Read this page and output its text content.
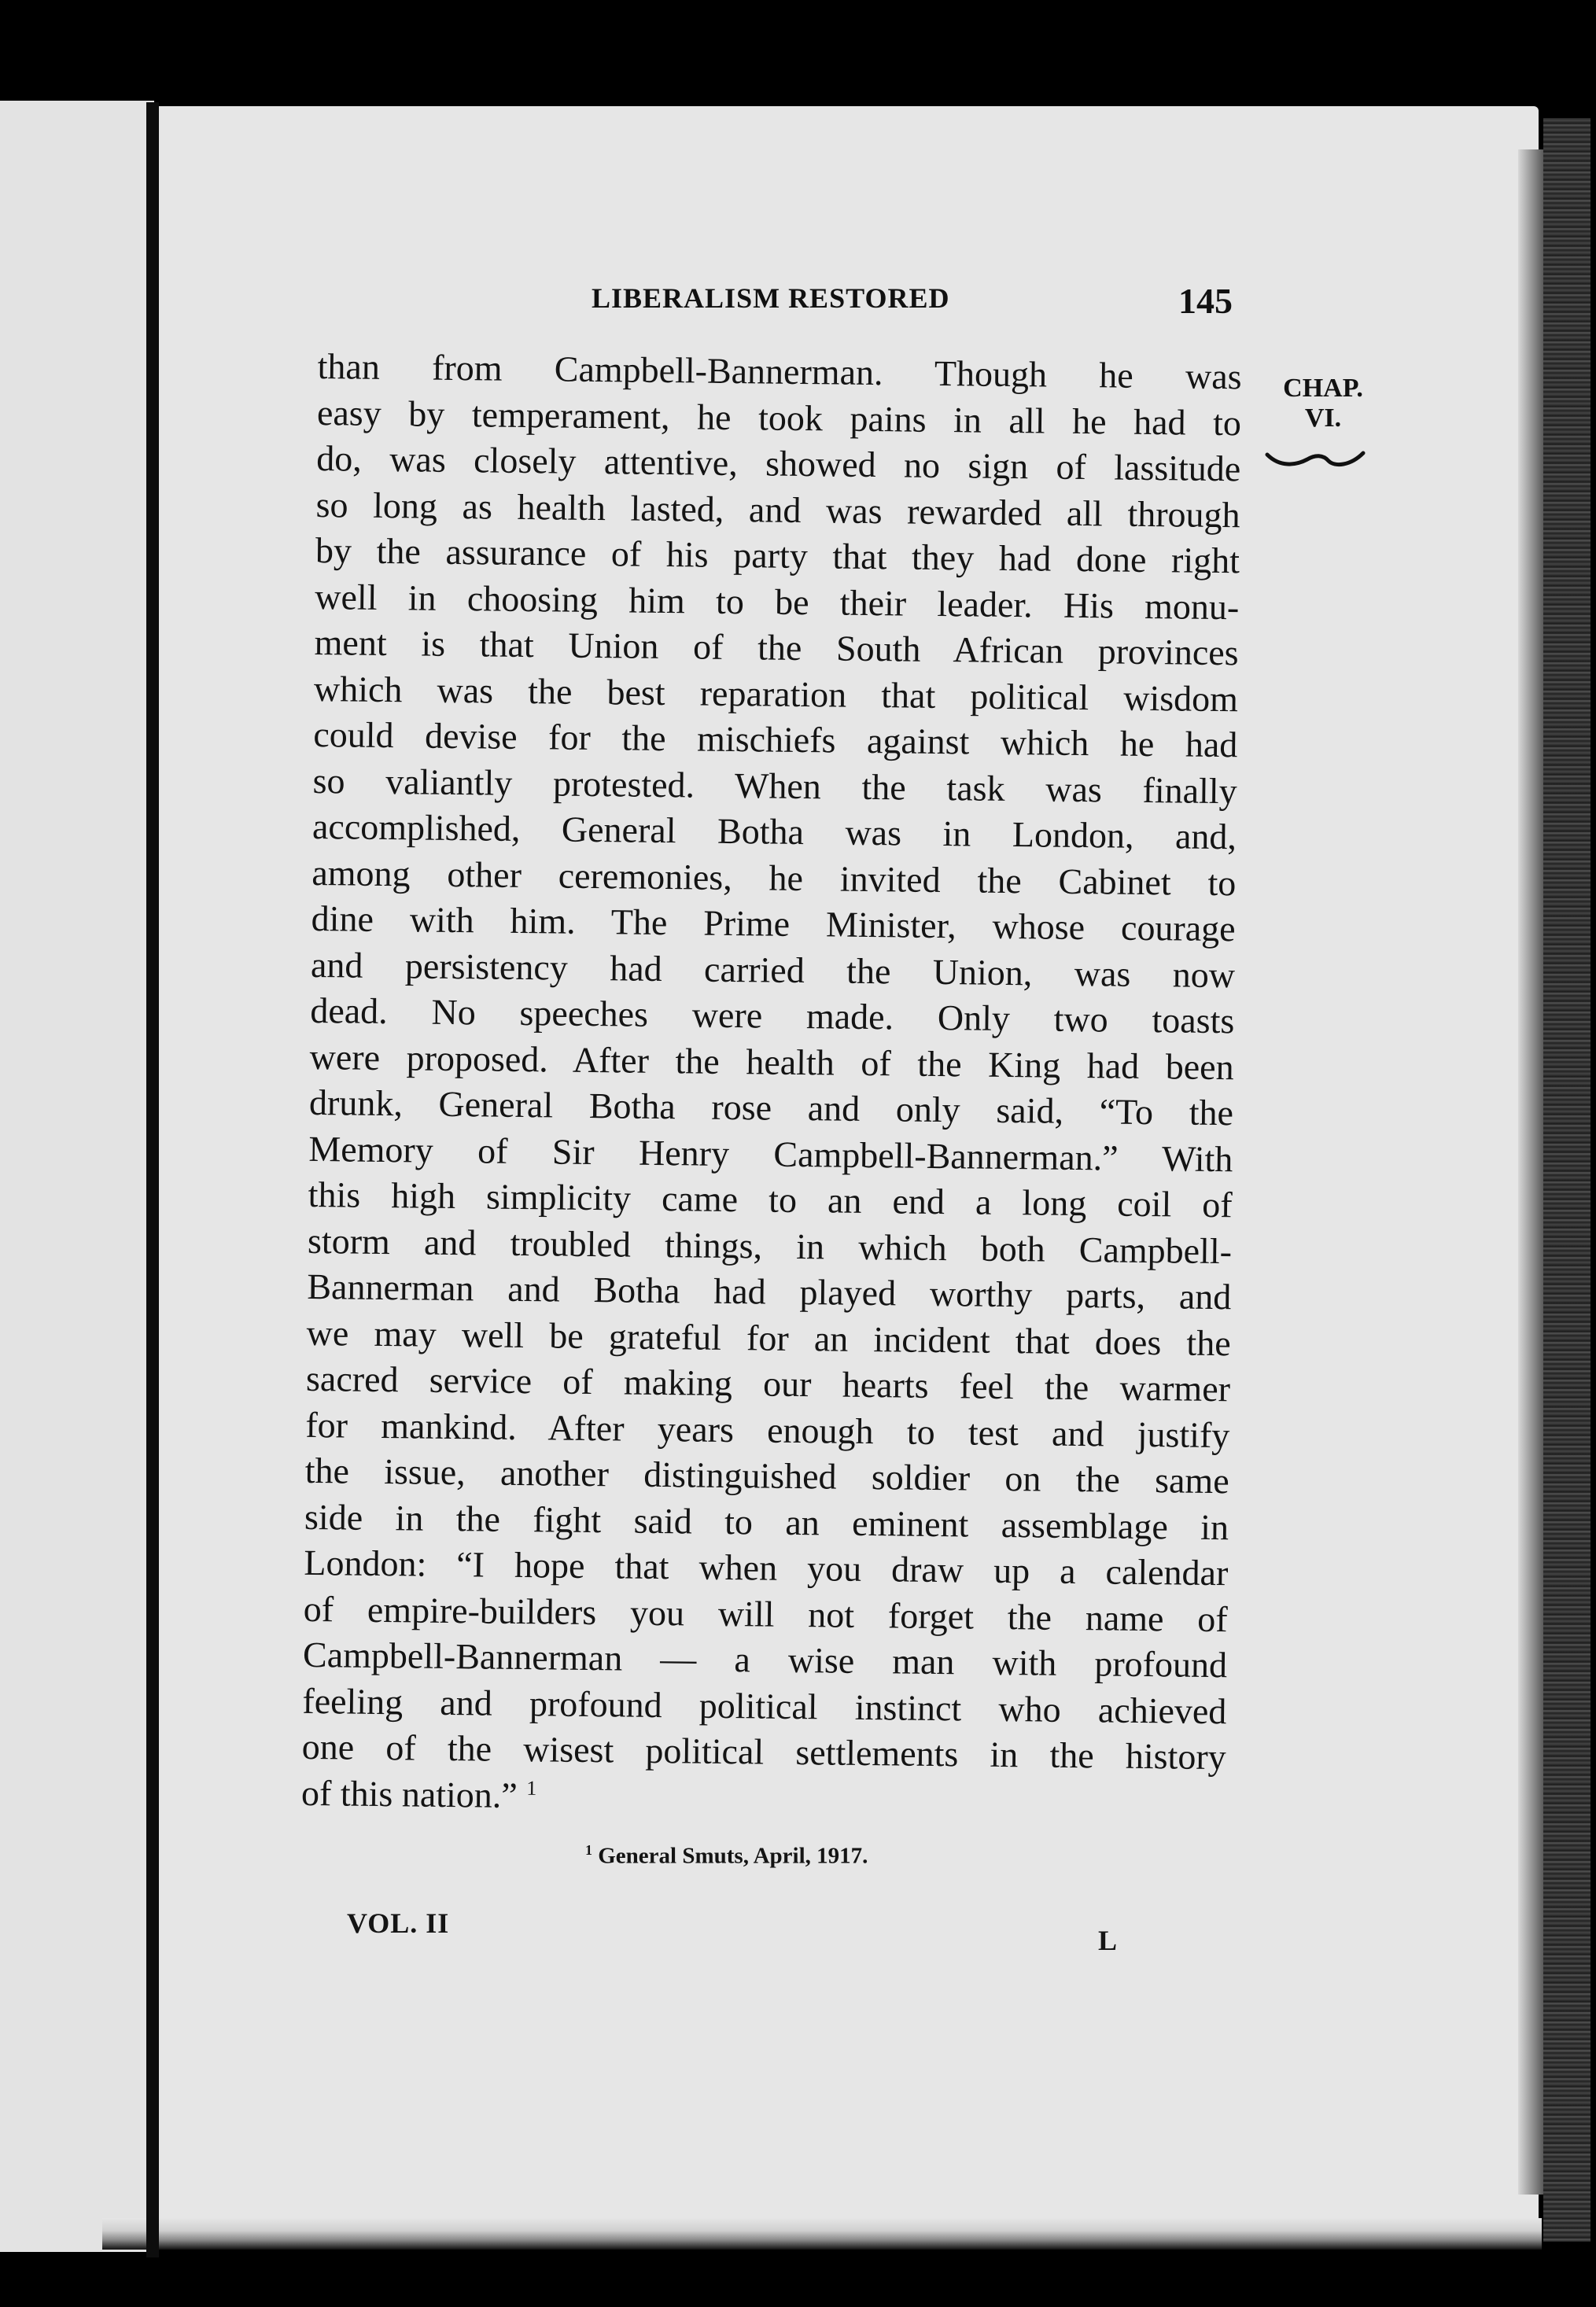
LIBERALISM RESTORED	145
CHAP.
VI.
than from Campbell-Bannerman. Though he was
easy by temperament, he took pains in all he had to
do, was closely attentive, showed no sign of lassitude
so long as health lasted, and was rewarded all through
by the assurance of his party that they had done right
well in choosing him to be their leader. His monu-
ment is that Union of the South African provinces
which was the best reparation that political wisdom
could devise for the mischiefs against which he had
so valiantly protested. When the task was finally
accomplished, General Botha was in London, and,
among other ceremonies, he invited the Cabinet to
dine with him. The Prime Minister, whose courage
and persistency had carried the Union, was now
dead. No speeches were made. Only two toasts
were proposed. After the health of the King had been
drunk, General Botha rose and only said, “To the
Memory of Sir Henry Campbell-Bannerman.” With
this high simplicity came to an end a long coil of
storm and troubled things, in which both Campbell-
Bannerman and Botha had played worthy parts, and
we may well be grateful for an incident that does the
sacred service of making our hearts feel the warmer
for mankind. After years enough to test and justify
the issue, another distinguished soldier on the same
side in the fight said to an eminent assemblage in
London: “I hope that when you draw up a calendar
of empire-builders you will not forget the name of
Campbell-Bannerman — a wise man with profound
feeling and profound political instinct who achieved
one of the wisest political settlements in the history
of this nation.” $^1$
$^1$ General Smuts, April, 1917.
VOL. II
L
